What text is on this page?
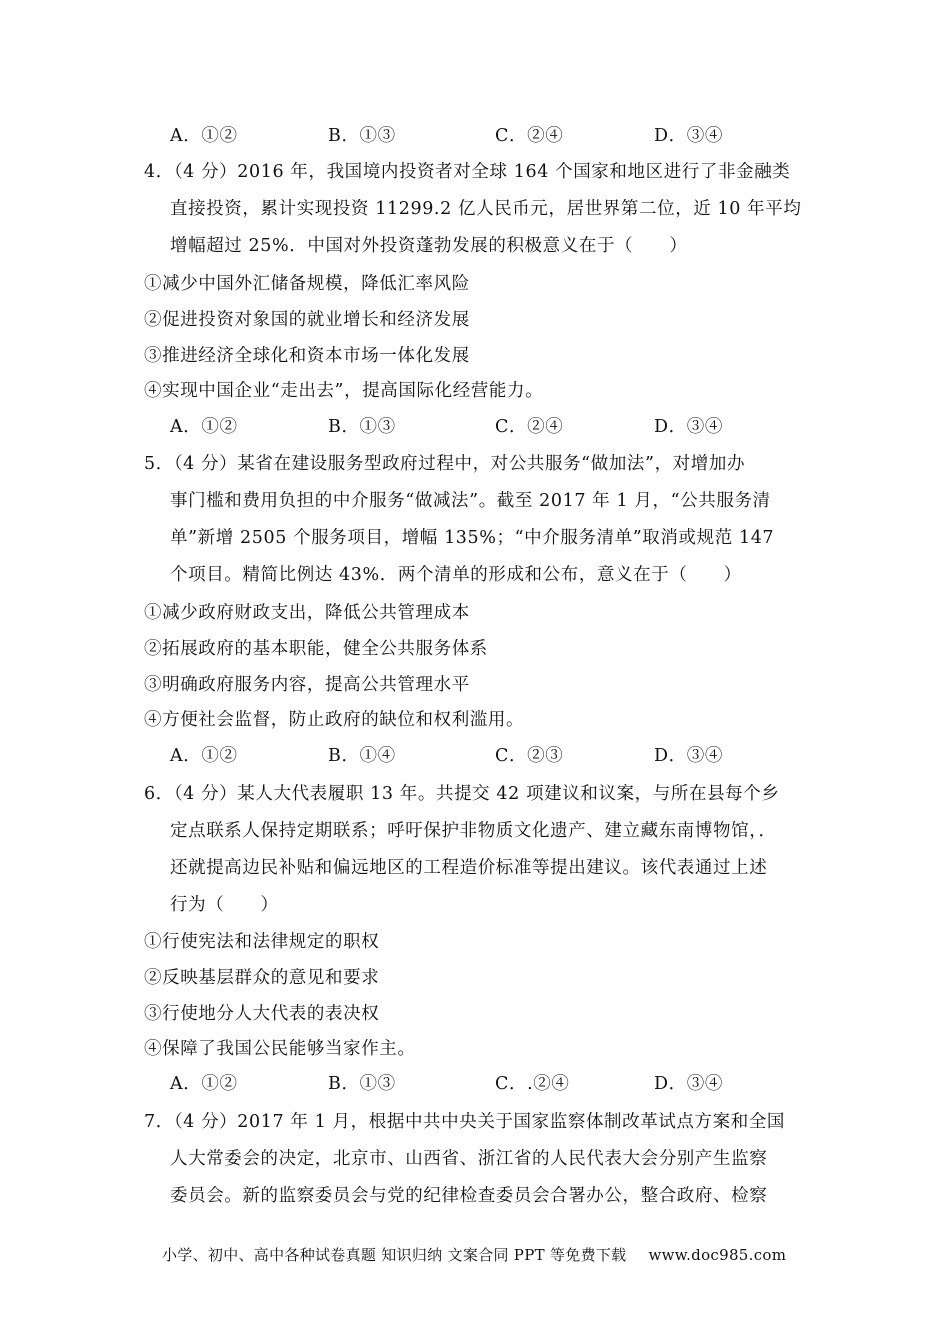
A．①②	B．①③	C．②④	D．③④
4．（4 分）2016 年，我国境内投资者对全球 164 个国家和地区进行了非金融类
直接投资，累计实现投资 11299.2 亿人民币元，居世界第二位，近 10 年平均
增幅超过 25%．中国对外投资蓬勃发展的积极意义在于（　　）
①减少中国外汇储备规模，降低汇率风险
②促进投资对象国的就业增长和经济发展
③推进经济全球化和资本市场一体化发展
④实现中国企业“走出去”，提高国际化经营能力。
A．①②	B．①③	C．②④	D．③④
5．（4 分）某省在建设服务型政府过程中，对公共服务“做加法”，对增加办
事门槛和费用负担的中介服务“做减法”。截至 2017 年 1 月，“公共服务清
单”新增 2505 个服务项目，增幅 135%；“中介服务清单”取消或规范 147
个项目。精简比例达 43%．两个清单的形成和公布，意义在于（　　）
①减少政府财政支出，降低公共管理成本
②拓展政府的基本职能，健全公共服务体系
③明确政府服务内容，提高公共管理水平
④方便社会监督，防止政府的缺位和权利滥用。
A．①②	B．①④	C．②③	D．③④
6．（4 分）某人大代表履职 13 年。共提交 42 项建议和议案，与所在县每个乡
定点联系人保持定期联系；呼吁保护非物质文化遗产、建立藏东南博物馆，．
还就提高边民补贴和偏远地区的工程造价标准等提出建议。该代表通过上述
行为（　　）
①行使宪法和法律规定的职权
②反映基层群众的意见和要求
③行使地分人大代表的表决权
④保障了我国公民能够当家作主。
A．①②	B．①③	C．.②④	D．③④
7．（4 分）2017 年 1 月，根据中共中央关于国家监察体制改革试点方案和全国
人大常委会的决定，北京市、山西省、浙江省的人民代表大会分别产生监察
委员会。新的监察委员会与党的纪律检查委员会合署办公，整合政府、检察
小学、初中、高中各种试卷真题 知识归纳 文案合同 PPT 等免费下载 www.doc985.com
